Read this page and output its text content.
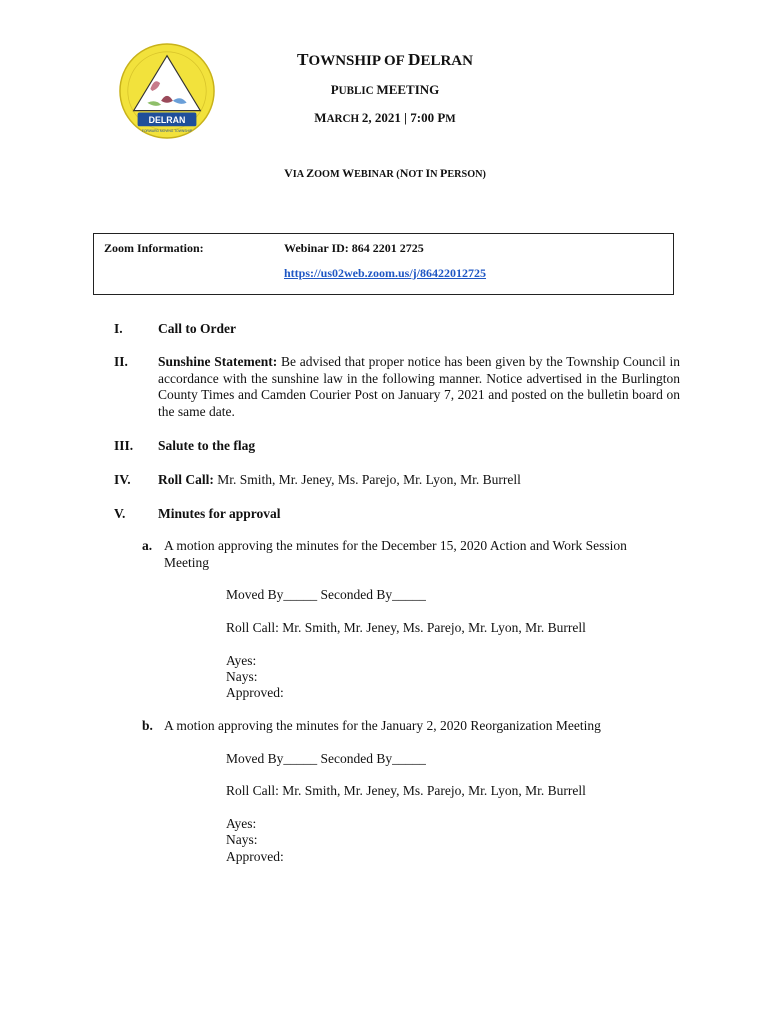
DELRAN
FORWARD MOVING TOWNSHIP
TOWNSHIP OF DELRAN
PUBLIC MEETING
MARCH 2, 2021 | 7:00 PM
VIA ZOOM WEBINAR (NOT IN PERSON)
Zoom Information:	Webinar ID: 864 2201 2725
https://us02web.zoom.us/j/86422012725
I.	Call to Order
II. Sunshine Statement: Be advised that proper notice has been given by the Township Council in accordance with the sunshine law in the following manner. Notice advertised in the Burlington County Times and Camden Courier Post on January 7, 2021 and posted on the bulletin board on the same date.
III. Salute to the flag
IV. Roll Call: Mr. Smith, Mr. Jeney, Ms. Parejo, Mr. Lyon, Mr. Burrell
V. Minutes for approval
a. A motion approving the minutes for the December 15, 2020 Action and Work Session Meeting
Moved By_____ Seconded By_____
Roll Call: Mr. Smith, Mr. Jeney, Ms. Parejo, Mr. Lyon, Mr. Burrell
Ayes:
Nays:
Approved:
b. A motion approving the minutes for the January 2, 2020 Reorganization Meeting
Moved By_____ Seconded By_____
Roll Call: Mr. Smith, Mr. Jeney, Ms. Parejo, Mr. Lyon, Mr. Burrell
Ayes:
Nays:
Approved:
